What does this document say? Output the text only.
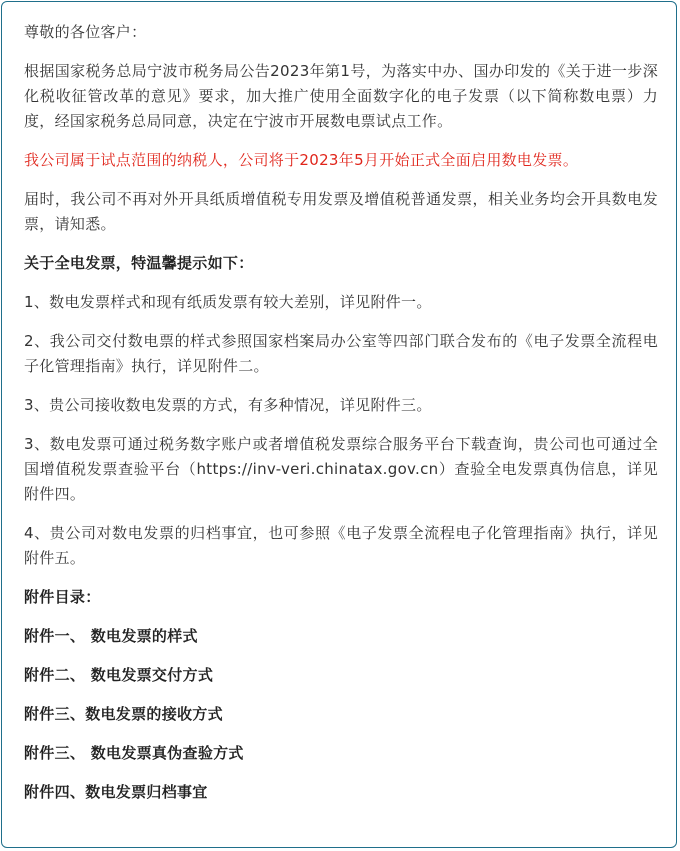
尊敬的各位客户：

根据国家税务总局宁波市税务局公告2023年第1号，为落实中办、国办印发的《关于进一步深化税收征管改革的意见》要求，加大推广使用全面数字化的电子发票（以下简称数电票）力度，经国家税务总局同意，决定在宁波市开展数电票试点工作。

我公司属于试点范围的纳税人，公司将于2023年5月开始正式全面启用数电发票。

届时，我公司不再对外开具纸质增值税专用发票及增值税普通发票，相关业务均会开具数电发票，请知悉。

关于全电发票，特温馨提示如下：

1、数电发票样式和现有纸质发票有较大差别，详见附件一。

2、我公司交付数电票的样式参照国家档案局办公室等四部门联合发布的《电子发票全流程电子化管理指南》执行，详见附件二。

3、贵公司接收数电发票的方式，有多种情况，详见附件三。

3、数电发票可通过税务数字账户或者增值税发票综合服务平台下载查询，贵公司也可通过全国增值税发票查验平台（https://inv-veri.chinatax.gov.cn）查验全电发票真伪信息，详见附件四。

4、贵公司对数电发票的归档事宜，也可参照《电子发票全流程电子化管理指南》执行，详见附件五。

附件目录：

附件一、 数电发票的样式

附件二、 数电发票交付方式

附件三、数电发票的接收方式

附件三、 数电发票真伪查验方式

附件四、数电发票归档事宜
